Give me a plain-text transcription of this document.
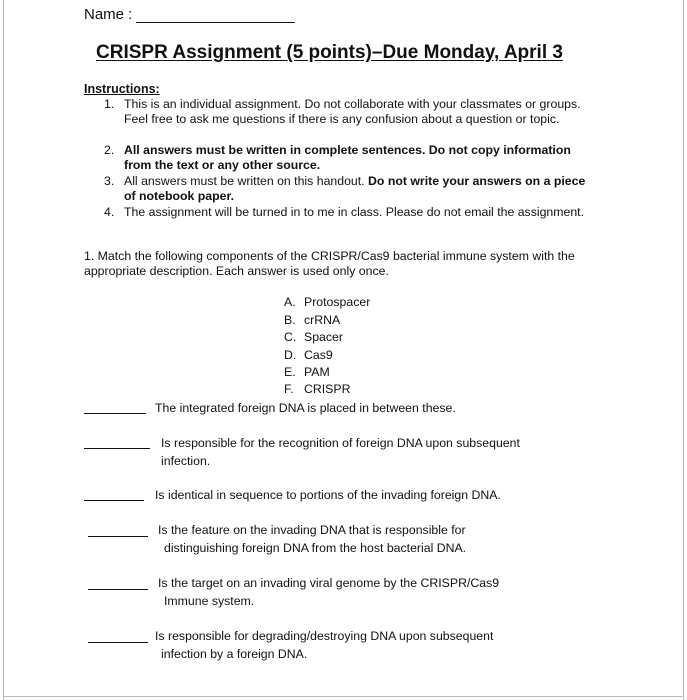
Name :
CRISPR Assignment (5 points)–Due Monday, April 3
Instructions:
1. This is an individual assignment. Do not collaborate with your classmates or groups. Feel free to ask me questions if there is any confusion about a question or topic.
2. All answers must be written in complete sentences. Do not copy information from the text or any other source.
3. All answers must be written on this handout. Do not write your answers on a piece of notebook paper.
4. The assignment will be turned in to me in class. Please do not email the assignment.
1. Match the following components of the CRISPR/Cas9 bacterial immune system with the appropriate description. Each answer is used only once.
A. Protospacer
B. crRNA
C. Spacer
D. Cas9
E. PAM
F. CRISPR
The integrated foreign DNA is placed in between these.
Is responsible for the recognition of foreign DNA upon subsequent
infection.
Is identical in sequence to portions of the invading foreign DNA.
Is the feature on the invading DNA that is responsible for
distinguishing foreign DNA from the host bacterial DNA.
Is the target on an invading viral genome by the CRISPR/Cas9
Immune system.
Is responsible for degrading/destroying DNA upon subsequent
infection by a foreign DNA.
